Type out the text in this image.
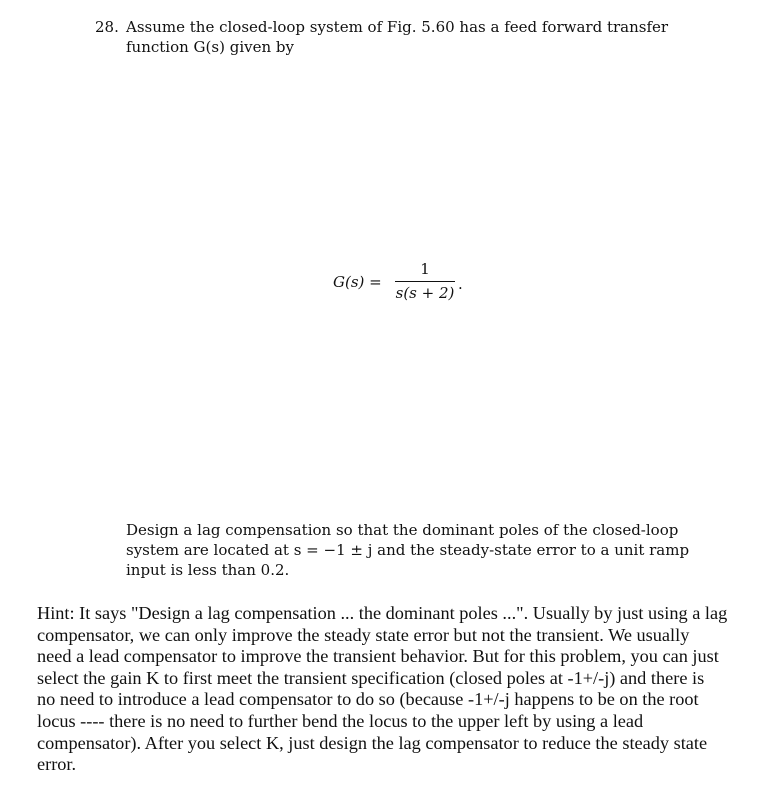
28. Assume the closed-loop system of Fig. 5.60 has a feed forward transfer
function G(s) given by
G(s) =
1
s(s + 2) .
Design a lag compensation so that the dominant poles of the closed-loop
system are located at s = −1 ± j and the steady-state error to a unit ramp
input is less than 0.2.
Hint: It says "Design a lag compensation ... the dominant poles ...". Usually by just using a lag
compensator, we can only improve the steady state error but not the transient. We usually
need a lead compensator to improve the transient behavior. But for this problem, you can just
select the gain K to first meet the transient specification (closed poles at -1+/-j) and there is
no need to introduce a lead compensator to do so (because -1+/-j happens to be on the root
locus ---- there is no need to further bend the locus to the upper left by using a lead
compensator). After you select K, just design the lag compensator to reduce the steady state
error.
